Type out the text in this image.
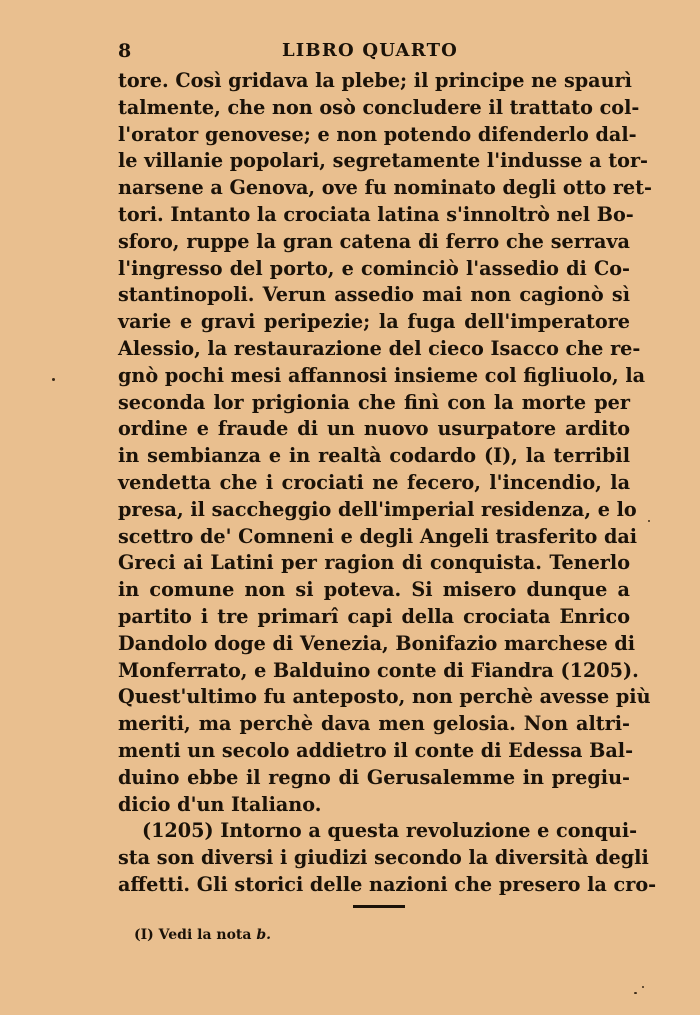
8	LIBRO QUARTO
tore. Così gridava la plebe; il principe ne spaurì
talmente, che non osò concludere il trattato col-
l'orator genovese; e non potendo difenderlo dal-
le villanie popolari, segretamente l'indusse a tor-
narsene a Genova, ove fu nominato degli otto ret-
tori. Intanto la crociata latina s'innoltrò nel Bo-
sforo, ruppe la gran catena di ferro che serrava
l'ingresso del porto, e cominciò l'assedio di Co-
stantinopoli. Verun assedio mai non cagionò sì
varie e gravi peripezie; la fuga dell'imperatore
Alessio, la restaurazione del cieco Isacco che re-
gnò pochi mesi affannosi insieme col figliuolo, la
seconda lor prigionia che finì con la morte per
ordine e fraude di un nuovo usurpatore ardito
in sembianza e in realtà codardo (I), la terribil
vendetta che i crociati ne fecero, l'incendio, la
presa, il saccheggio dell'imperial residenza, e lo
scettro de' Comneni e degli Angeli trasferito dai
Greci ai Latini per ragion di conquista. Tenerlo
in comune non si poteva. Si misero dunque a
partito i tre primarî capi della crociata Enrico
Dandolo doge di Venezia, Bonifazio marchese di
Monferrato, e Balduino conte di Fiandra (1205).
Quest'ultimo fu anteposto, non perchè avesse più
meriti, ma perchè dava men gelosia. Non altri-
menti un secolo addietro il conte di Edessa Bal-
duino ebbe il regno di Gerusalemme in pregiu-
dicio d'un Italiano.
(1205) Intorno a questa revoluzione e conqui-
sta son diversi i giudizi secondo la diversità degli
affetti. Gli storici delle nazioni che presero la cro-
(I) Vedi la nota b.
